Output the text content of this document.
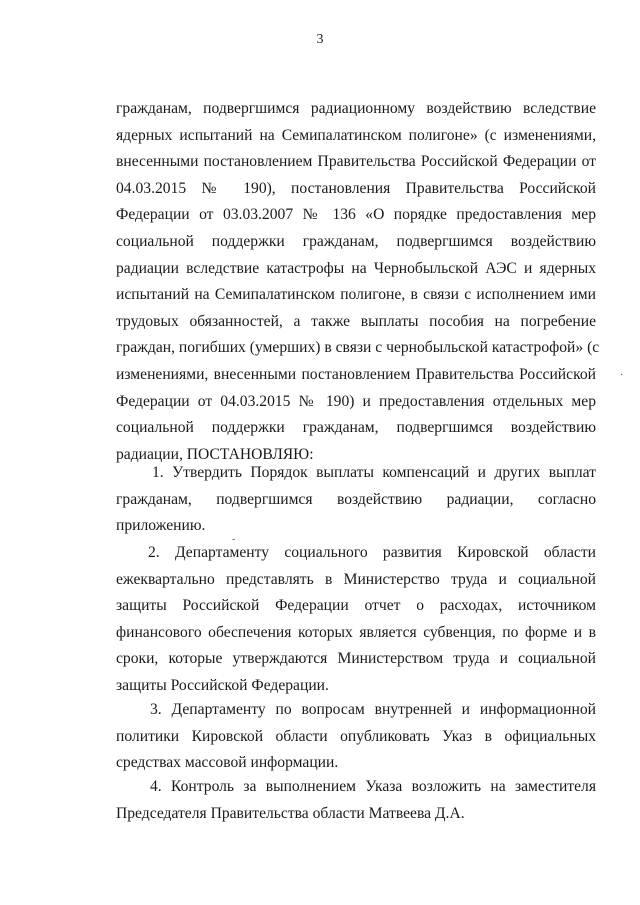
3
гражданам, подвергшимся радиационному воздействию вследствие
ядерных испытаний на Семипалатинском полигоне» (с изменениями,
внесенными постановлением Правительства Российской Федерации от
04.03.2015 № 190), постановления Правительства Российской
Федерации от 03.03.2007 № 136 «О порядке предоставления мер
социальной поддержки гражданам, подвергшимся воздействию
радиации вследствие катастрофы на Чернобыльской АЭС и ядерных
испытаний на Семипалатинском полигоне, в связи с исполнением ими
трудовых обязанностей, а также выплаты пособия на погребение
граждан, погибших (умерших) в связи с чернобыльской катастрофой» (с
изменениями, внесенными постановлением Правительства Российской
Федерации от 04.03.2015 № 190) и предоставления отдельных мер
социальной поддержки гражданам, подвергшимся воздействию
радиации, ПОСТАНОВЛЯЮ:
1. Утвердить Порядок выплаты компенсаций и других выплат
гражданам, подвергшимся воздействию радиации, согласно
приложению.
2. Департаменту социального развития Кировской области
ежеквартально представлять в Министерство труда и социальной
защиты Российской Федерации отчет о расходах, источником
финансового обеспечения которых является субвенция, по форме и в
сроки, которые утверждаются Министерством труда и социальной
защиты Российской Федерации.
3. Департаменту по вопросам внутренней и информационной
политики Кировской области опубликовать Указ в официальных
средствах массовой информации.
4. Контроль за выполнением Указа возложить на заместителя
Председателя Правительства области Матвеева Д.А.
·
-
